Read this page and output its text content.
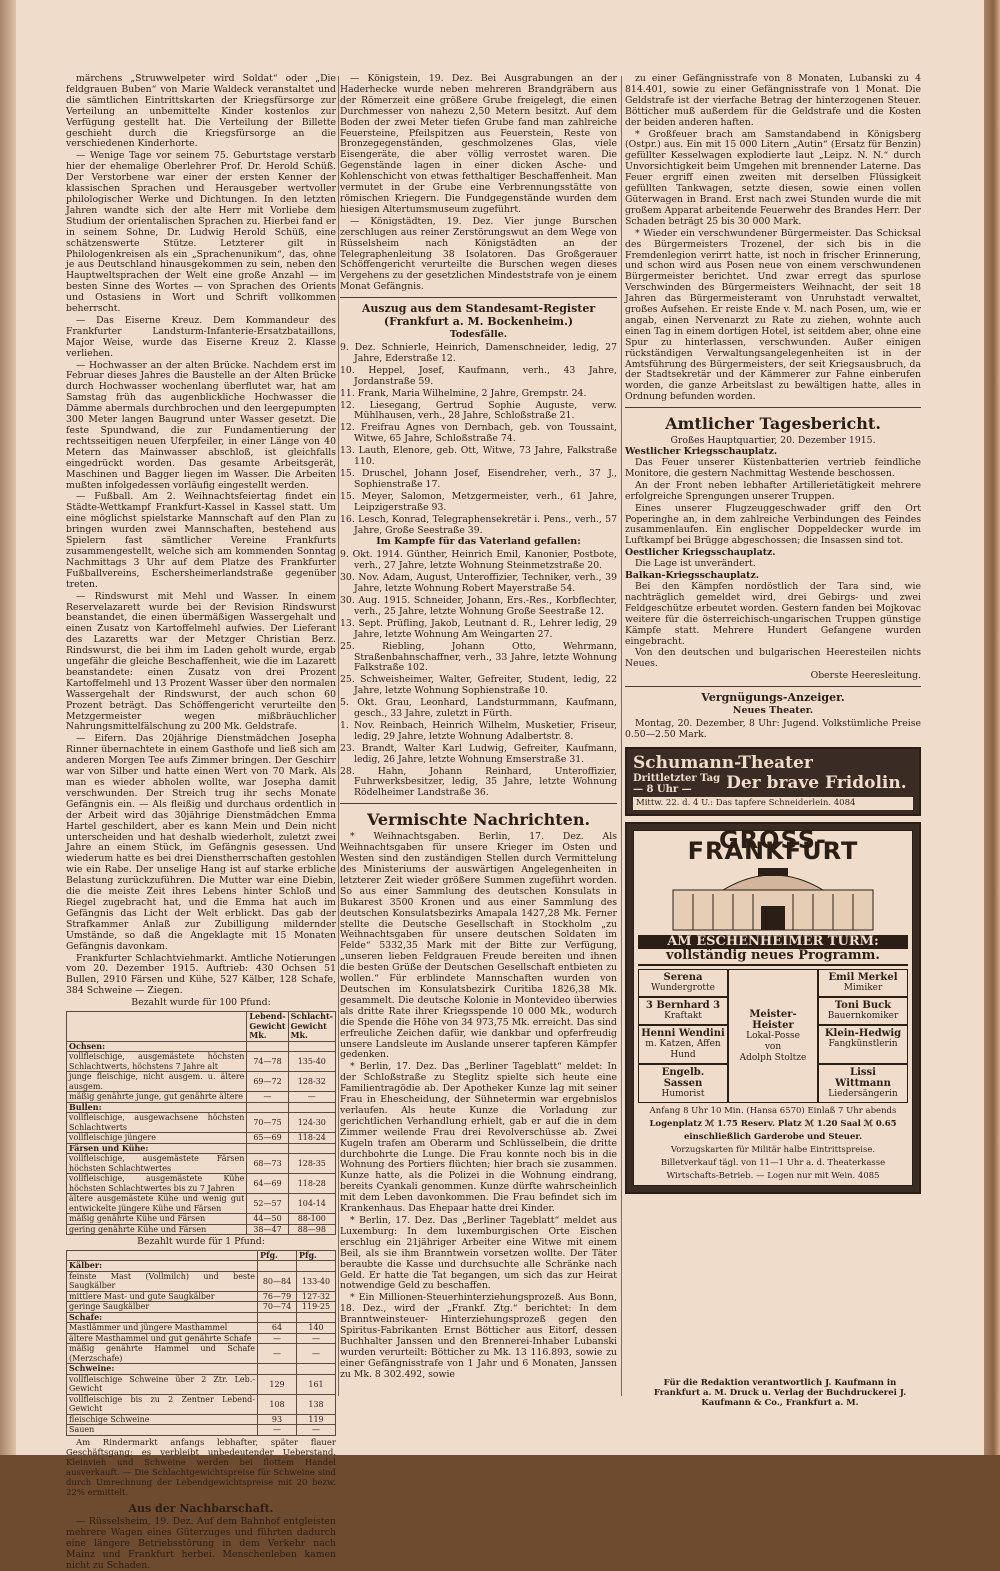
märchens „Struwwelpeter wird Soldat“ oder „Die feldgrauen Buben“ von Marie Waldeck veranstaltet und die sämtlichen Eintrittskarten der Kriegsfürsorge zur Verteilung an unbemittelte Kinder kostenlos zur Verfügung gestellt hat. Die Verteilung der Billette geschieht durch die Kriegsfürsorge an die verschiedenen Kinderhorte.

— Wenige Tage vor seinem 75. Geburtstage verstarb hier der ehemalige Oberlehrer Prof. Dr. Herold Schüß. Der Verstorbene war einer der ersten Kenner der klassischen Sprachen und Herausgeber wertvoller philologischer Werke und Dichtungen. In den letzten Jahren wandte sich der alte Herr mit Vorliebe dem Studium der orientalischen Sprachen zu. Hierbei fand er in seinem Sohne, Dr. Ludwig Herold Schüß, eine schätzenswerte Stütze. Letzterer gilt in Philologenkreisen als ein „Sprachenunikum“, das, ohne je aus Deutschland hinausgekommen zu sein, neben den Hauptweltsprachen der Welt eine große Anzahl — im besten Sinne des Wortes — von Sprachen des Orients und Ostasiens in Wort und Schrift vollkommen beherrscht.

— Das Eiserne Kreuz. Dem Kommandeur des Frankfurter Landsturm-Infanterie-Ersatzbataillons, Major Weise, wurde das Eiserne Kreuz 2. Klasse verliehen.

— Hochwasser an der alten Brücke. Nachdem erst im Februar dieses Jahres die Baustelle an der Alten Brücke durch Hochwasser wochenlang überflutet war, hat am Samstag früh das augenblickliche Hochwasser die Dämme abermals durchbrochen und den leergepumpten 300 Meter langen Baugrund unter Wasser gesetzt. Die feste Spundwand, die zur Fundamentierung der rechtsseitigen neuen Uferpfeiler, in einer Länge von 40 Metern das Mainwasser abschloß, ist gleichfalls eingedrückt worden. Das gesamte Arbeitsgerät, Maschinen und Bagger liegen im Wasser. Die Arbeiten mußten infolgedessen vorläufig eingestellt werden.

— Fußball. Am 2. Weihnachtsfeiertag findet ein Städte-Wettkampf Frankfurt-Kassel in Kassel statt. Um eine möglichst spielstarke Mannschaft auf den Plan zu bringen wurden zwei Mannschaften, bestehend aus Spielern fast sämtlicher Vereine Frankfurts zusammengestellt, welche sich am kommenden Sonntag Nachmittags 3 Uhr auf dem Platze des Frankfurter Fußballvereins, Eschersheimerlandstraße gegenüber treten.

— Rindswurst mit Mehl und Wasser. In einem Reservelazarett wurde bei der Revision Rindswurst beanstandet, die einen übermäßigen Wassergehalt und einen Zusatz von Kartoffelmehl aufwies. Der Lieferant des Lazaretts war der Metzger Christian Berz. Rindswurst, die bei ihm im Laden geholt wurde, ergab ungefähr die gleiche Beschaffenheit, wie die im Lazarett beanstandete: einen Zusatz von drei Prozent Kartoffelmehl und 13 Prozent Wasser über den normalen Wassergehalt der Rindswurst, der auch schon 60 Prozent beträgt. Das Schöffengericht verurteilte den Metzgermeister wegen mißbräuchlicher Nahrungsmittelfälschung zu 200 Mk. Geldstrafe.

— Eifern. Das 20jährige Dienstmädchen Josepha Rinner übernachtete in einem Gasthofe und ließ sich am anderen Morgen Tee aufs Zimmer bringen. Der Geschirr war von Silber und hatte einen Wert von 70 Mark. Als man es wieder abholen wollte, war Josepha damit verschwunden. Der Streich trug ihr sechs Monate Gefängnis ein. — Als fleißig und durchaus ordentlich in der Arbeit wird das 30jährige Dienstmädchen Emma Hartel geschildert, aber es kann Mein und Dein nicht unterscheiden und hat deshalb wiederholt, zuletzt zwei Jahre an einem Stück, im Gefängnis gesessen. Und wiederum hatte es bei drei Dienstherrschaften gestohlen wie ein Rabe. Der unselige Hang ist auf starke erbliche Belastung zurückzuführen. Die Mutter war eine Diebin, die die meiste Zeit ihres Lebens hinter Schloß und Riegel zugebracht hat, und die Emma hat auch im Gefängnis das Licht der Welt erblickt. Das gab der Strafkammer Anlaß zur Zubilligung mildernder Umstände, so daß die Angeklagte mit 15 Monaten Gefängnis davonkam.

Frankfurter Schlachtviehmarkt. Amtliche Notierungen vom 20. Dezember 1915. Auftrieb: 430 Ochsen 51 Bullen, 2910 Färsen und Kühe, 527 Kälber, 128 Schafe, 384 Schweine — Ziegen.

Bezahlt wurde für 100 Pfund:
	Lebend-Gewicht Mk.	Schlacht-Gewicht Mk.
Ochsen:		
vollfleischige, ausgemästete höchsten Schlachtwerts, höchstens 7 Jahre alt	74—78	135-40
junge fleischige, nicht ausgem. u. ältere ausgem.	69—72	128-32
mäßig genährte junge, gut genährte ältere	—	—
Bullen:		
vollfleischige, ausgewachsene höchsten Schlachtwerts	70—75	124-30
vollfleischige jüngere	65—69	118-24
Färsen und Kühe:		
vollfleischige, ausgemästete Färsen höchsten Schlachtwertes	68—73	128-35
vollfleischige, ausgemästete Kühe höchsten Schlachtwertes bis zu 7 Jahren	64—69	118-28
ältere ausgemästete Kühe und wenig gut entwickelte jüngere Kühe und Färsen	52—57	104-14
mäßig genährte Kühe und Färsen	44—50	88-100
gering genährte Kühe und Färsen	38—47	88—98
Bezahlt wurde für 1 Pfund:
	Pfg.	Pfg.
Kälber:		
feinste Mast (Vollmilch) und beste Saugkälber	80—84	133-40
mittlere Mast- und gute Saugkälber	76—79	127-32
geringe Saugkälber	70—74	119-25
Schafe:		
Mastlämmer und jüngere Masthammel	64	140
ältere Masthammel und gut genährte Schafe	—	—
mäßig genährte Hammel und Schafe (Merzschafe)	—	—
Schweine:		
vollfleischige Schweine über 2 Ztr. Leb.-Gewicht	129	161
vollfleischige bis zu 2 Zentner Lebend-Gewicht	108	138
fleischige Schweine	93	119
Sauen	—	—

Am Rindermarkt anfangs lebhafter, später flauer Geschäftsgang; es verbleibt unbedeutender Ueberstand. Kleinvieh und Schweine werden bei flottem Handel ausverkauft. — Die Schlachtgewichtspreise für Schweine sind durch Umrechnung der Lebendgewichtspreise mit 20 bezw. 22% ermittelt.

Aus der Nachbarschaft.

— Rüsselsheim, 19. Dez. Auf dem Bahnhof entgleisten mehrere Wagen eines Güterzuges und führten dadurch eine längere Betriebsstörung in dem Verkehr nach Mainz und Frankfurt herbei. Menschenleben kamen nicht zu Schaden.

— Königstein, 19. Dez. Bei Ausgrabungen an der Haderhecke wurde neben mehreren Brandgräbern aus der Römerzeit eine größere Grube freigelegt, die einen Durchmesser von nahezu 2,50 Metern besitzt. Auf dem Boden der zwei Meter tiefen Grube fand man zahlreiche Feuersteine, Pfeilspitzen aus Feuerstein, Reste von Bronzegegenständen, geschmolzenes Glas, viele Eisengeräte, die aber völlig verrostet waren. Die Gegenstände lagen in einer dicken Asche- und Kohlenschicht von etwas fetthaltiger Beschaffenheit. Man vermutet in der Grube eine Verbrennungsstätte von römischen Kriegern. Die Fundgegenstände wurden dem hiesigen Altertumsmuseum zugeführt.

— Königstädten, 19. Dez. Vier junge Burschen zerschlugen aus reiner Zerstörungswut an dem Wege von Rüsselsheim nach Königstädten an der Telegraphenleitung 38 Isolatoren. Das Großgerauer Schöffengericht verurteilte die Burschen wegen dieses Vergehens zu der gesetzlichen Mindeststrafe von je einem Monat Gefängnis.

Auszug aus dem Standesamt-Register (Frankfurt a. M. Bockenheim.)
Todesfälle.
9. Dez. Schnierle, Heinrich, Damenschneider, ledig, 27 Jahre, Ederstraße 12.
10. Heppel, Josef, Kaufmann, verh., 43 Jahre, Jordanstraße 59.
11. Frank, Maria Wilhelmine, 2 Jahre, Grempstr. 24.
12. Liesegang, Gertrud Sophie Auguste, verw. Mühlhausen, verh., 28 Jahre, Schloßstraße 21.
12. Freifrau Agnes von Dernbach, geb. von Toussaint, Witwe, 65 Jahre, Schloßstraße 74.
13. Lauth, Elenore, geb. Ott, Witwe, 73 Jahre, Falkstraße 110.
15. Druschel, Johann Josef, Eisendreher, verh., 37 J., Sophienstraße 17.
15. Meyer, Salomon, Metzgermeister, verh., 61 Jahre, Leipzigerstraße 93.
16. Lesch, Konrad, Telegraphensekretär i. Pens., verh., 57 Jahre, Große Seestraße 39.
Im Kampfe für das Vaterland gefallen:
9. Okt. 1914. Günther, Heinrich Emil, Kanonier, Postbote, verh., 27 Jahre, letzte Wohnung Steinmetzstraße 20.
30. Nov. Adam, August, Unteroffizier, Techniker, verh., 39 Jahre, letzte Wohnung Robert Mayerstraße 54.
30. Aug. 1915. Schneider, Johann, Ers.-Res., Korbflechter, verh., 25 Jahre, letzte Wohnung Große Seestraße 12.
13. Sept. Prüfling, Jakob, Leutnant d. R., Lehrer ledig, 29 Jahre, letzte Wohnung Am Weingarten 27.
25. Riebling, Johann Otto, Wehrmann, Straßenbahnschaffner, verh., 33 Jahre, letzte Wohnung Falkstraße 102.
25. Schweisheimer, Walter, Gefreiter, Student, ledig, 22 Jahre, letzte Wohnung Sophienstraße 10.
5. Okt. Grau, Leonhard, Landsturmmann, Kaufmann, gesch., 33 Jahre, zuletzt in Fürth.
1. Nov. Reinbach, Heinrich Wilhelm, Musketier, Friseur, ledig, 29 Jahre, letzte Wohnung Adalbertstr. 8.
23. Brandt, Walter Karl Ludwig, Gefreiter, Kaufmann, ledig, 26 Jahre, letzte Wohnung Emserstraße 31.
28. Hahn, Johann Reinhard, Unteroffizier, Fuhrwerksbesitzer, ledig, 35 Jahre, letzte Wohnung Rödelheimer Landstraße 36.
Vermischte Nachrichten.

* Weihnachtsgaben. Berlin, 17. Dez. Als Weihnachtsgaben für unsere Krieger im Osten und Westen sind den zuständigen Stellen durch Vermittelung des Ministeriums der auswärtigen Angelegenheiten in letzterer Zeit wieder größere Summen zugeführt worden. So aus einer Sammlung des deutschen Konsulats in Bukarest 3500 Kronen und aus einer Sammlung des deutschen Konsulatsbezirks Amapala 1427,28 Mk. Ferner stellte die Deutsche Gesellschaft in Stockholm „zu Weihnachtsgaben für unsere deutschen Soldaten im Felde“ 5332,35 Mark mit der Bitte zur Verfügung, „unseren lieben Feldgrauen Freude bereiten und ihnen die besten Grüße der Deutschen Gesellschaft entbieten zu wollen.“ Für erblindete Mannschaften wurden von Deutschen im Konsulatsbezirk Curitiba 1826,38 Mk. gesammelt. Die deutsche Kolonie in Montevideo überwies als dritte Rate ihrer Kriegsspende 10 000 Mk., wodurch die Spende die Höhe von 34 973,75 Mk. erreicht. Das sind erfreuliche Zeichen dafür, wie dankbar und opferfreudig unsere Landsleute im Auslande unserer tapferen Kämpfer gedenken.

* Berlin, 17. Dez. Das „Berliner Tageblatt“ meldet: In der Schloßstraße zu Steglitz spielte sich heute eine Familientragödie ab. Der Apotheker Kunze lag mit seiner Frau in Ehescheidung, der Sühnetermin war ergebnislos verlaufen. Als heute Kunze die Vorladung zur gerichtlichen Verhandlung erhielt, gab er auf die in dem Zimmer weilende Frau drei Revolverschüsse ab. Zwei Kugeln trafen am Oberarm und Schlüsselbein, die dritte durchbohrte die Lunge. Die Frau konnte noch bis in die Wohnung des Portiers flüchten; hier brach sie zusammen. Kunze hatte, als die Polizei in die Wohnung eindrang, bereits Cyankali genommen. Kunze dürfte wahrscheinlich mit dem Leben davonkommen. Die Frau befindet sich im Krankenhaus. Das Ehepaar hatte drei Kinder.

* Berlin, 17. Dez. Das „Berliner Tageblatt“ meldet aus Luxemburg: In dem luxemburgischen Orte Eischen erschlug ein 21jähriger Arbeiter eine Witwe mit einem Beil, als sie ihm Branntwein vorsetzen wollte. Der Täter beraubte die Kasse und durchsuchte alle Schränke nach Geld. Er hatte die Tat begangen, um sich das zur Heirat notwendige Geld zu beschaffen.

* Ein Millionen-Steuerhinterziehungsprozeß. Aus Bonn, 18. Dez., wird der „Frankf. Ztg.“ berichtet: In dem Branntweinsteuer- Hinterziehungsprozeß gegen den Spiritus-Fabrikanten Ernst Bötticher aus Eitorf, dessen Buchhalter Janssen und den Brennerei-Inhaber Lubanski wurden verurteilt: Bötticher zu Mk. 13 116.893, sowie zu einer Gefängnisstrafe von 1 Jahr und 6 Monaten, Janssen zu Mk. 8 302.492, sowie

zu einer Gefängnisstrafe von 8 Monaten, Lubanski zu 4 814.401, sowie zu einer Gefängnisstrafe von 1 Monat. Die Geldstrafe ist der vierfache Betrag der hinterzogenen Steuer. Bötticher muß außerdem für die Geldstrafe und die Kosten der beiden anderen haften.

* Großfeuer brach am Samstandabend in Königsberg (Ostpr.) aus. Ein mit 15 000 Litern „Autin“ (Ersatz für Benzin) gefüllter Kesselwagen explodierte laut „Leipz. N. N.“ durch Unvorsichtigkeit beim Umgehen mit brennender Laterne. Das Feuer ergriff einen zweiten mit derselben Flüssigkeit gefüllten Tankwagen, setzte diesen, sowie einen vollen Güterwagen in Brand. Erst nach zwei Stunden wurde die mit großem Apparat arbeitende Feuerwehr des Brandes Herr. Der Schaden beträgt 25 bis 30 000 Mark.

* Wieder ein verschwundener Bürgermeister. Das Schicksal des Bürgermeisters Trozenel, der sich bis in die Fremdenlegion verirrt hatte, ist noch in frischer Erinnerung, und schon wird aus Posen neue von einem verschwundenen Bürgermeister berichtet. Und zwar erregt das spurlose Verschwinden des Bürgermeisters Weihnacht, der seit 18 Jahren das Bürgermeisteramt von Unruhstadt verwaltet, großes Aufsehen. Er reiste Ende v. M. nach Posen, um, wie er angab, einen Nervenarzt zu Rate zu ziehen, wohnte auch einen Tag in einem dortigen Hotel, ist seitdem aber, ohne eine Spur zu hinterlassen, verschwunden. Außer einigen rückständigen Verwaltungsangelegenheiten ist in der Amtsführung des Bürgermeisters, der seit Kriegsausbruch, da der Stadtsekretär und der Kämmerer zur Fahne einberufen worden, die ganze Arbeitslast zu bewältigen hatte, alles in Ordnung befunden worden.

Amtlicher Tagesbericht.
Großes Hauptquartier, 20. Dezember 1915.
Westlicher Kriegsschauplatz.

Das Feuer unserer Küstenbatterien vertrieb feindliche Monitore, die gestern Nachmittag Westende beschossen.

An der Front neben lebhafter Artillerietätigkeit mehrere erfolgreiche Sprengungen unserer Truppen.

Eines unserer Flugzeuggeschwader griff den Ort Poperinghe an, in dem zahlreiche Verbindungen des Feindes zusammenlaufen. Ein englischer Doppeldecker wurde im Luftkampf bei Brügge abgeschossen; die Insassen sind tot.

Oestlicher Kriegsschauplatz.

Die Lage ist unverändert.

Balkan-Kriegsschauplatz.

Bei den Kämpfen nordöstlich der Tara sind, wie nachträglich gemeldet wird, drei Gebirgs- und zwei Feldgeschütze erbeutet worden. Gestern fanden bei Mojkovac weitere für die österreichisch-ungarischen Truppen günstige Kämpfe statt. Mehrere Hundert Gefangene wurden eingebracht.

Von den deutschen und bulgarischen Heeresteilen nichts Neues.

Oberste Heeresleitung.
Vergnügungs-Anzeiger.
Neues Theater.

Montag, 20. Dezember, 8 Uhr: Jugend. Volkstümliche Preise 0.50—2.50 Mark.

Schumann-Theater
Drittletzter Tag
— 8 Uhr —	Der brave Fridolin.
Mittw. 22. d. 4 U.: Das tapfere Schneiderlein. 4084
GROSS-FRANKFURT
AM ESCHENHEIMER TURM:
vollständig neues Programm.
Serena
Wundergrotte
Meister-Heister
Lokal-Posse
von
Adolph Stoltze
Emil Merkel
Mimiker
3 Bernhard 3
Kraftakt
Toni Buck
Bauernkomiker
Henni Wendini
m. Katzen, Affen Hund
Klein-Hedwig
Fangkünstlerin
Engelb. Sassen
Humorist
Lissi Wittmann
Liedersängerin
Anfang 8 Uhr 10 Min. (Hansa 6570) Einlaß 7 Uhr abends
Logenplatz ℳ 1.75 Reserv. Platz ℳ 1.20 Saal ℳ 0.65
einschließlich Garderobe und Steuer.
Vorzugskarten für Militär halbe Eintrittspreise.
Billetverkauf tägl. von 11—1 Uhr a. d. Theaterkasse
Wirtschafts-Betrieb. — Logen nur mit Wein. 4085
Für die Redaktion verantwortlich J. Kaufmann in Frankfurt a. M. Druck u. Verlag der Buchdruckerei J. Kaufmann & Co., Frankfurt a. M.
